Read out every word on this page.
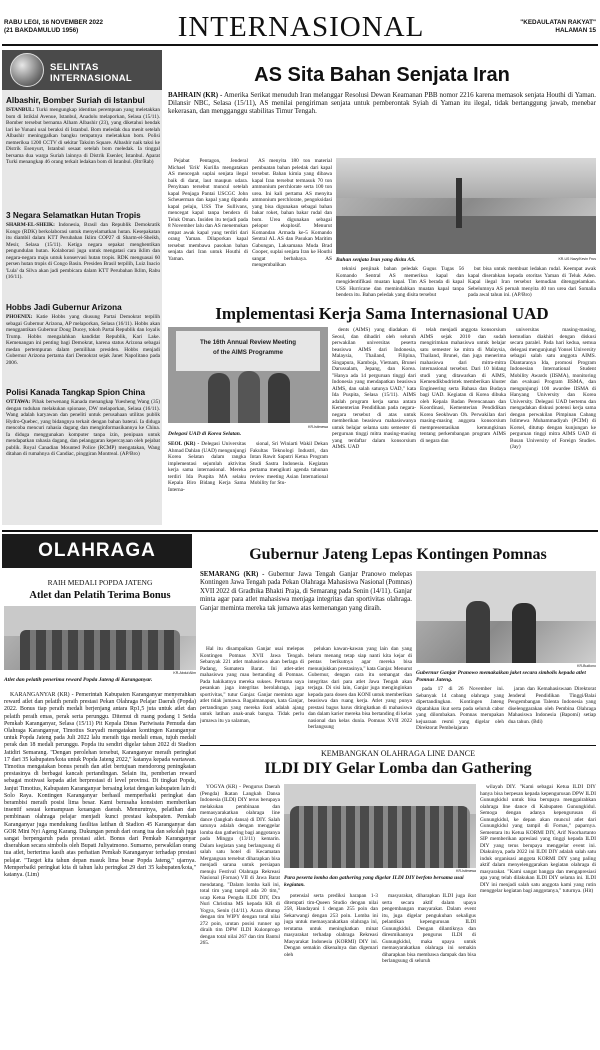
RABU LEGI, 16 NOVEMBER 2022
(21 BAKDAMULUD 1956)	INTERNASIONAL	"KEDAULATAN RAKYAT"
HALAMAN 15
SELINTAS INTERNASIONAL
Albashir, Bomber Suriah di Istanbul
ISTANBUL: Turki mengungkap identitas perempuan yang meletakkan bom di Istiklal Avenue, Istanbul, Anadolu melaporkan, Selasa (15/11). Bomber tersebut bernama Alham Albashir (23), yang diketahui hendak lari ke Yunani usai beraksi di Istanbul. Bom meledak dua menit setelah Albashir meninggalkan bangku tempatnya meletakkan bom. Polisi memeriksa 1200 CCTV di sekitar Taksim Square. Albashir naik taksi ke Distrik Esenyurt, Istanbul sesaat setelah bom meledak. Ia tinggal bersama dua warga Suriah lainnya di Distrik Esenler, Istanbul. Aparat Turki menangkap 46 orang terkait ledakan bom di Istanbul. (Rtr/Rab)
3 Negara Selamatkan Hutan Tropis
SHARM-EL-SHEIK: Indonesia, Brasil dan Republik Demokratik Kongo (RDK) berkolaborasi untuk menyelamatkan hutan. Kesepakatan itu diambil dalam KTT Perubahan Iklim COP27 di Sharm-el-Sheikh, Mesir, Selasa (15/11). Ketiga negara sepakat menghentikan pengundulan hutan. Kolaborasi juga untuk mengatasi cara iklim dan negara-negara maju untuk konservasi hutan tropis. RDK menguasai 60 persen hutan tropis di Congo Basin. Presiden Brasil terpilih, Luiz Inacio 'Lula' da Silva akan jadi pembicara dalam KTT Perubahan Iklim, Rabu (16/11).
Hobbs Jadi Gubernur Arizona
PHOENIX: Katie Hobbs yang diusung Partai Demokrat terpilih sebagai Gubernur Arizona, AP melaporkan, Selasa (16/11). Hobbs akan menggantikan Gubernur Doug Ducey, tokoh Partai Republik dan loyalis Trump. Hobbs mengalahkan kandidat Republik, Kari Lake. Kemenangan ini penting bagi Demokrat, karena status Arizona sebagai medan pertempuran dalam pemilihan presiden. Hobbs menjadi Gubernur Arizona pertama dari Demokrat sejak Janet Napolitano pada 2006.
Polisi Kanada Tangkap Spion China
OTTAWA: Pihak berwenang Kanada menangkap Yuesheng Wang (35) dengan tuduhan melakukan spionase, DW melaporkan, Selasa (16/11). Wang adalah karyawan dan peneliti untuk perusahaan utilitas publik Hydro-Quebec, yang bidangnya terkait dengan bahan baterai. Ia diduga mencoba mencuri rahasia dagang dan menginformasikannya ke China. Ia diduga menggunakan komputer tanpa izin, penipuan untuk mendapatkan rahasia dagang, dan pelanggaran kepercayaan oleh pejabat publik. Royal Canadian Mounted Police (RCMP) mengatakan, Wang ditahan di rumahnya di Candiac, pinggiran Montreal. (AP/Bro)
AS Sita Bahan Senjata Iran
BAHRAIN (KR) - Amerika Serikat menuduh Iran melanggar Resolusi Dewan Keamanan PBB nomor 2216 karena memasok senjata Houthi di Yaman. Dilansir NBC, Selasa (15/11), AS menilai pengiriman senjata untuk pemberontak Syiah di Yaman itu ilegal, tidak bertanggung jawab, menebar kekerasan, dan mengganggu stabilitas Timur Tengah.

Pejabat Pentagon, Jenderal Michael 'Erik' Kurilla mengatakan AS mencegah suplai senjata ilegal baik di darat, laut maupun udara. Penyitaan tersebut muncul setelah kapal Penjaga Pantai USCGC John Scheuerman dan kapal yang dipandu kapal pelaju, USS The Sullivans, mencegat kapal tanpa bendera di Teluk Oman. Insiden itu terjadi pada 8 November lalu dan AS menemukan empat awak kapal yang terdiri dari orang Yaman. Dilaporkan kapal tersebut membawa pasokan bahan senjata dari Iran untuk Houthi di Yaman.

AS menyita 180 ton material pembuatan bahan peledak dari kapal tersebut. Bahan kimia yang dibawa kapal Iran tersebut termasuk 70 ton ammonium perchlorate serta 100 ton urea. Ini kali pertama AS menyita ammonium perchlorate, pengoksidasi yang bisa digunakan sebagai bahan bakar roket, bahan bakar rudal dan bom. Urea digunakan sebagai pelopor eksplosif. Menurut Komandan Armada ke-5 Komando Sentral AL AS dan Pasukan Maritim Gabungan, Laksamana Muda Brad Cooper, suplai senjata Iran ke Houthi sangat berbahaya. AS mengembalikan

Bahan senjata Iran yang disita AS.	KR-US Navy/Kevin Frus

teknisi penjinak bahan peledak Gugus Tugas 56 Komando Sentral AS memeriksa kapal dan mengidentifikasi muatan kapal. Tim AS berada di kapal USS Hurricane dan memindahkan muatan kapal tanpa bendera itu. Bahan peledak yang disita tersebut

but bisa untuk membuat ledakan rudal. Keempat awak kapal diserahkan kepada otoritas Yaman di Teluk Aden. Kapal ilegal Iran tersebut kemudian ditenggelamkan. Sebelumnya AS pernah menyita 40 ton urea dari Somalia pada awal tahun ini. (AP/Bro)

Implementasi Kerja Sama Internasional UAD
The 16th Annual Review Meeting
of the AIMS Programme
KR-Istimewa
Delegasi UAD di Korea Selatan.
SEOL (KR) - Delegasi Universitas Ahmad Dahlan (UAD) mengunjungi Korea Selatan dalam rangka implementasi sejumlah aktivitas kerja sama internasional. Mereka terdiri Ida Puspita MA selaku Kepala Biro Bidang Kerja Sama Interna-

sional, Sri Winiarti Wakil Dekan Fakultas Teknologi Industri, dan Intan Rawit Saputri Ketua Program Studi Sastra Indonesia. Kegiatan pertama mengikuti agenda tahunan review meeting Asian International Mobility for Stu-

dents (AIMS) yang diadakan di Seoul, dan dihadiri oleh seluruh perwakilan universitas peserta beasiswa AIMS dari Indonesia, Malaysia, Thailand, Filipina, Singapura, Kamboja, Vietnam, Brunei Darussalam, Jepang, dan Korea. "Hanya ada 14 perguruan tinggi dari Indonesia yang mendapatkan beasiswa AIMS, dan salah satunya UAD," kata Ida Puspita, Selasa (15/11). AIMS adalah program kerja sama antara Kementerian Pendidikan pada negara-negara tersebut di atas untuk memberikan beasiswa mahasiswanya untuk belajar selama satu semester di perguruan tinggi mitra masing-masing yang terdaftar dalam konsorsium AIMS. UAD

telah menjadi anggota konsorsium AIMS sejak 2010 dan sudah mengirimkan mahasiswa untuk belajar satu semester ke mitra di Malaysia, Thailand, Brunei, dan juga menerima mahasiswa dari mitra-mitra internasional tersebut. Dari 10 bidang studi yang ditawarkan di AIMS, Kemendikbudristek memberikan kluster Engineering serta Bahasa dan Budaya bagi UAD. Kegiatan di Korea dibuka oleh Kepala Badan Perencanaan dan Koordinasi, Kementerian Pendidikan Korea Seokhwan Oh. Perwakilan dari masing-masing anggota konsorsium mempresentasikan kemungkinan tentang perkembangan program AIMS di negara dan

universitas masing-masing, kemudian diakhiri dengan diskusi secara paralel. Pada hari kedua, semua delegasi mengunjungi Yonsei University sebagai salah satu anggota AIMS. Diantaranya Ida, promosi Program Indonesian International Student Mobility Awards (IISMA), monitoring dan evaluasi Program IISMA, dan mengunjungi 100 awardee IISMA di Hanyang University dan Korea University. Delegasi UAD bertemu dan mengadakan diskusi potensi kerja sama dengan perwakilan Pimpinan Cabang Istimewa Muhammadiyah (PCIM) di Korsel, ditutup dengan kunjungan ke perguruan tinggi mitra AIMS UAD di Busan University of Foreign Studies. (Jay)

OLAHRAGA
RAIH MEDALI POPDA JATENG
Atlet dan Pelatih Terima Bonus
KR-Abdul Alim
Atlet dan pelatih penerima reward Popda Jateng di Karanganyar.

KARANGANYAR (KR) - Pemerintah Kabupaten Karanganyar menyerahkan reward atlet dan pelatih peraih prestasi Pekan Olahraga Pelajar Daerah (Popda) 2022. Bonus tiap peraih medali berjenjang antara Rp1,5 juta untuk atlet dan pelatih peraih emas, perak serta perunggu. Ditemui di ruang podang 1 Setda Pemkab Karanganyar, Selasa (15/11) Pit Kepala Dinas Pariwisata Pemuda dan Olahraga Karanganyar, Timotius Suryadi mengatakan kontingen Karanganyar untuk Popda Jateng pada Juli 2022 lalu meraih tiga medali emas, tujuh medali perak dan 18 medali perunggu. Popda itu sendiri digelar tahun 2022 di Stadion Jatidiri Semarang. "Dengan perolehan tersebut, Karanganyar meraih peringkat 17 dari 35 kabupaten/kota untuk Popda Jateng 2022," katanya kepada wartawan. Timotius mengatakan bonus peraih dan atlet bertujuan mendorong peningkatan prestasinya di berbagai kancah pertandingan. Selain itu, pemberian reward sebagai motivasi kepada atlet berprestasi di level provinsi. Di tingkat Popda, Janjut Timotius, Kabupaten Karanganyar bersaing ketat dengan kabupaten lain di Solo Raya. Kontingen Karanganyar berhasil memperbaiki peringkat dan berambisi meraih posisi lima besar. Kami berusaha konsisten memberikan insentif sesuai kemampuan keuangan daerah. Menurutnya, pelatihan dan pembinaan olahraga pelajar menjadi kunci prestasi kabupaten. Pemkab Karanganyar juga mendukung fasilitas latihan di Stadion 45 Karanganyar dan GOR Mini Nyi Ageng Karang. Dukungan penuh dari orang tua dan sekolah juga sangat berpengaruh pada prestasi atlet. Bonus dari Pemkab Karanganyar diserahkan secara simbolis oleh Bupati Juliyatmono. Sumarno, perwakilan orang tua atlet, berterima kasih atas perhatian Pemkab Karanganyar terhadap prestasi pelajar. "Target kita tahun depan masuk lima besar Popda Jateng," ujarnya. Memperbaiki peringkat kita di tahun lalu peringkat 29 dari 35 kabupaten/kota," katanya. (Lim)

Gubernur Jateng Lepas Kontingen Pomnas
SEMARANG (KR) - Gubernur Jawa Tengah Ganjar Pranowo melepas Kontingen Jawa Tengah pada Pekan Olahraga Mahasiswa Nasional (Pomnas) XVII 2022 di Gradhika Bhakti Praja, di Semarang pada Senin (14/11). Ganjar minta agar para atlet mahasiswa menjaga integritas dan sportivitas olahraga. Ganjar meminta mereka tak jumawa atas kemenangan yang diraih.

Hal itu disampaikan Ganjar usai melepas Kontingen Pomnas XVII Jawa Tengah. Sebanyak 221 atlet mahasiswa akan berlaga di Padang, Sumatera Barat. Ini atlet-atlet mahasiswa yang mau bertanding di Pomnas. Pada hakikatnya mereka sukses. Pertama saya pesankan jaga integritas berolahraga, jaga sportivitas," tutur Ganjar. Ganjar meminta agar atlet tidak jumawa. Bagaimanapun, kata Ganjar, pertandingan yang mereka ikuti adalah ajang untuk latihan anak-anak bangsa. Tidak perlu jumawa itu ya salaman,

pelukan kawan-kawan yang lain dan yang belum menang tetap siap nanti kita kejar di pentas berikutnya agar mereka bisa menunjukkan prestasinya," kata Ganjar. Menurut Gubernur, dengan cara itu semangat dan integritas dari para atlet Jawa Tengah akan terjaga. Di sisi lain, Ganjar juga menginginkan kepada para dosen dan KONI untuk memberikan beasiswa dan ruang kerja. Atlet yang punya prestasi bagus harus ditingkatkan di mahasiswa dan dalam karier mereka bisa bertanding di kelas nasional dan kelas dunia. Pomnas XVII 2022 berlangsung

KR-Budiono
Gubernur Ganjar Pranowo memakaikan jaket secara simbolis kepada atlet Pomnas Jateng.

pada 17 di 26 November ini. Sebanyak 14 cabang olahraga yang dipertandingkan. Kontingen Jateng dipatahkan ikut serta pada seluruh cabor yang dilombakan. Pomnas merupakan kejuaraan resmi yang digelar oleh Direktorat Pembelajaran

jaran dan Kemahasiswaan Direktorat Jenderal Pendidikan Tinggi/Balai Pengembangan Talenta Indonesia yang diselenggarakan oleh Pembina Olahraga Mahasiswa Indonesia (Bapomi) setiap dua tahun. (Bdi)

KEMBANGKAN OLAHRAGA LINE DANCE
ILDI DIY Gelar Lomba dan Gathering

YOGYA (KR) - Pengurus Daerah (Pengda) Ikatan Langkah Dansa Indonesia (ILDI) DIY terus berupaya melakukan pembinaan dan memasyarakatkan olahraga line dance (langkah dansa) di DIY. Salah satunya adalah dengan menggelar lomba dan gathering bagi anggotanya pada Minggu (13/11) kemarin. Dalam kegiatan yang berlangsung di salah satu hotel di Kecamatan Mergangsan tersebut diharapkan bisa menjadi sarana untuk persiapan menuju Festival Olahraga Rekreasi Nasional (Fornas) VII di Jawa Barat mendatang. "Dalam lomba kali ini, total tim yang tampil ada 20 tim," ucap Ketua Pengda ILDI DIY, Dra Nuri Christina MS kepada KR di Yogya, Senin (14/11). Acara ditutup dengan tim WIPY dengan total nilai 272 poin, urutan posisi runner up diraih tim DPW ILDI Kulonprogo dengan total nilai 267 dan tim Bantul 265.

KR-Istimewa
Para peserta lomba dan gathering yang digelar ILDI DIY berfoto bersama usai kegiatan.

potensial serta prediksi harapan 1-3 ditempati tim-Queen Studio dengan nilai 258, Handayani 1 dengan 255 poin dan Sekarwangi dengan 253 poin. Lomba ini juga untuk memasyarakatkan olahraga ini, terutama untuk meningkatkan minat masyarakat terhadap olahraga Rekreasi Masyarakat Indonesia (KORMI) DIY ini. Dengan semakin dikenalnya dan digemari oleh

masyarakat, diharapkan ILDI juga ikut serta secara aktif dalam upaya pengembangan masyarakat. Dalam event itu, juga digelar pengukuhan sekaligus pelantikan kepengurusan ILDI Gunungkidul. Dengan dilantiknya dan diresmikannya pengurus ILDI di Gunungkidul, maka upaya untuk memasyarakatkan olahraga ini semakin diharapkan bisa membawa dampak dan bisa berlangsung di seluruh

wilayah DIY. "Kami sebagai Ketua ILDI DIY hanya bisa berpesan kepada kepengurusan DPW ILDI Gunungkidul untuk bisa berupaya menggairahkan olahraga line dance di Kabupaten Gunungkidul. Semoga dengan adanya kepengurusan di Gunungkidul, ke depan akan muncul atlet dari Gunungkidul yang tampil di Fornas," paparnya. Sementara itu Ketua KORMI DIY, Arif Noorhartanto SIP memberikan apresiasi yang tinggi kepada ILDI DIY yang terus berupaya menggelar event ini. Diakuinya, pada 2022 ini ILDI DIY adalah salah satu induk organisasi anggota KORMI DIY yang paling aktif dalam menyelenggarakan kegiatan olahraga di masyarakat. "Kami sangat bangga dan mengapresiasi apa yang telah dilakukan ILDI DIY selama ini. ILDI DIY ini menjadi salah satu anggota kami yang rutin menggelar kegiatan bagi anggotanya," tuturnya. (Hit)
